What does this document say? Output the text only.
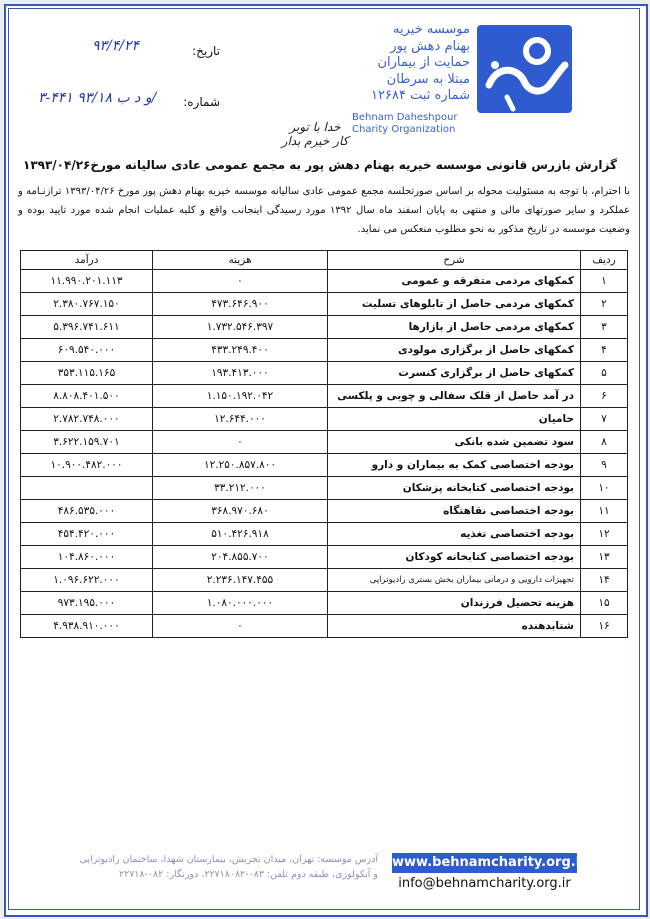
موسسه خیریه
بهنام دهش پور
حمایت از بیماران
مبتلا به سرطان
شماره ثبت ۱۲۶۸۴
Behnam Daheshpour
Charity Organization
خدا با توبر کار خیرم بدار
تاریخ:
۹۳/۴/۲۴
شماره:
۳-۴۴۱ و د ب ۹۳/۱۸/
گزارش بازرس قانونی موسسه خیریه بهنام دهش پور به مجمع عمومی عادی سالیانه مورخ۱۳۹۳/۰۴/۲۶
با احترام، با توجه به مسئولیت محوله بر اساس صورتجلسه مجمع عمومی عادی سالیانه موسسه خیریه بهنام دهش پور مورخ ۱۳۹۳/۰۴/۲۶ ترازنـامه و عملکرد و سایر صورتهای مالی و منتهی به پایان اسفند ماه سال ۱۳۹۲ مورد رسیدگی اینجانب واقع و کلیه عملیات انجام شده مورد تایید بوده و وضعیت موسسه در تاریخ مذکور به نحو مطلوب منعکس می نماید.
ردیف	شرح	هزینه	درآمد
۱	کمکهای مردمی متفرقه و عمومی	۰	۱۱.۹۹۰.۲۰۱.۱۱۳
۲	کمکهای مردمی حاصل از تابلوهای تسلیت	۴۷۳.۶۴۶.۹۰۰	۲.۳۸۰.۷۶۷.۱۵۰
۳	کمکهای مردمی حاصل از بازارها	۱.۷۳۲.۵۴۶.۳۹۷	۵.۳۹۶.۷۴۱.۶۱۱
۴	کمکهای حاصل از برگزاری مولودی	۴۳۳.۲۴۹.۴۰۰	۶۰۹.۵۴۰.۰۰۰
۵	کمکهای حاصل از برگزاری کنسرت	۱۹۳.۴۱۳.۰۰۰	۳۵۳.۱۱۵.۱۶۵
۶	در آمد حاصل از قلک سفالی و چوبی و پلکسی	۱.۱۵۰.۱۹۲.۰۴۲	۸.۸۰۸.۴۰۱.۵۰۰
۷	حامیان	۱۲.۶۴۴.۰۰۰	۲.۷۸۲.۷۴۸.۰۰۰
۸	سود تضمین شده بانکی	۰	۳.۶۲۲.۱۵۹.۷۰۱
۹	بودجه اختصاصی کمک به بیماران و دارو	۱۲.۲۵۰.۸۵۷.۸۰۰	۱۰.۹۰۰.۴۸۲.۰۰۰
۱۰	بودجه اختصاصی کتابخانه پزشکان	۳۳.۲۱۲.۰۰۰	
۱۱	بودجه اختصاصی نقاهتگاه	۳۶۸.۹۷۰.۶۸۰	۴۸۶.۵۳۵.۰۰۰
۱۲	بودجه اختصاصی تغذیه	۵۱۰.۴۲۶.۹۱۸	۴۵۴.۴۲۰.۰۰۰
۱۳	بودجه اختصاصی کتابخانه کودکان	۲۰۴.۸۵۵.۷۰۰	۱۰۴.۸۶۰.۰۰۰
۱۴	تجهیزات دارویی و درمانی بیماران بخش بستری رادیوتراپی	۲.۲۳۶.۱۴۷.۴۵۵	۱.۰۹۶.۶۲۲.۰۰۰
۱۵	هزینه تحصیل فرزندان	۱.۰۸۰.۰۰۰.۰۰۰	۹۷۳.۱۹۵.۰۰۰
۱۶	شتابدهنده	۰	۴.۹۳۸.۹۱۰.۰۰۰
آدرس موسسه: تهران، میدان تجریش، بیمارستان شهدا، ساختمان رادیوتراپی
و آنکولوژی، طبقه دوم تلفن: ۰۸۳-۲۲۷۱۸۰۸۲، دورنگار: ۰۸۲-۲۲۷۱۸
www.behnamcharity.org.ir
info@behnamcharity.org.ir
